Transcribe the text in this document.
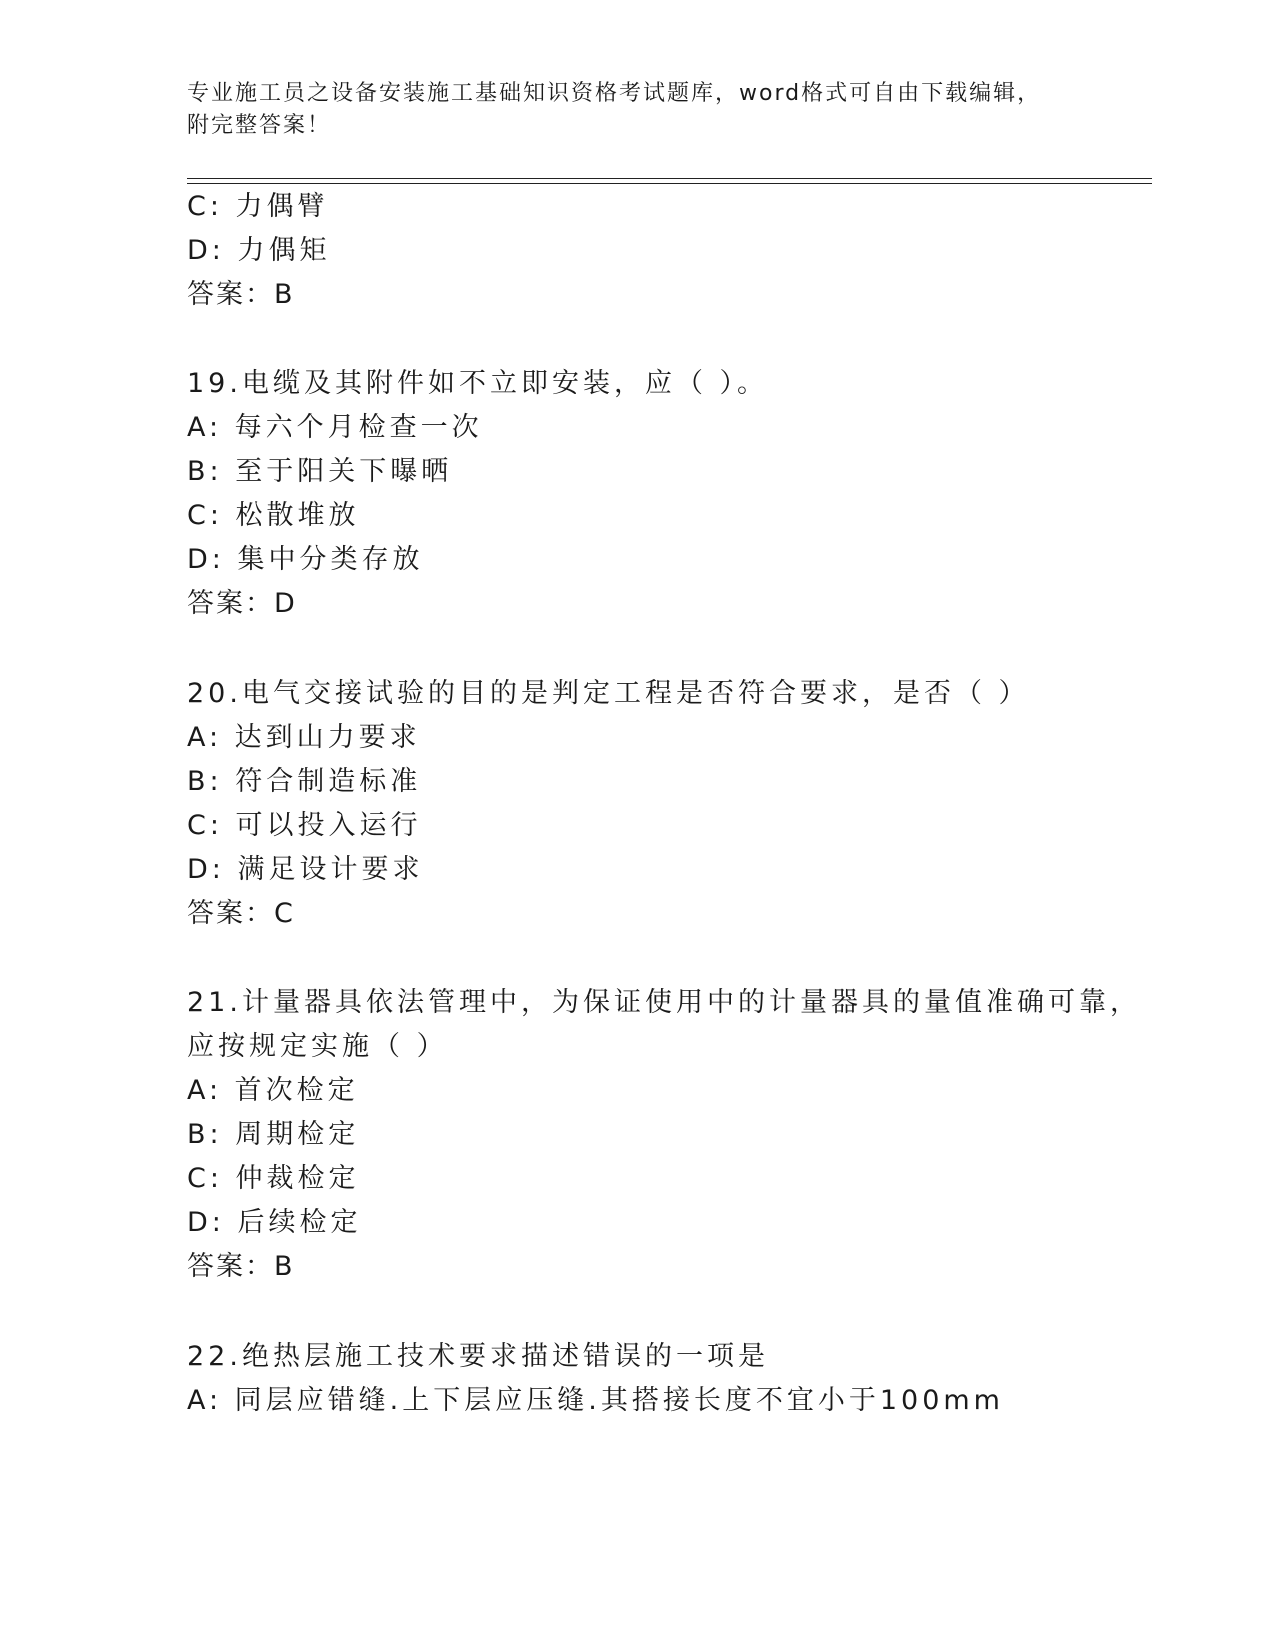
专业施工员之设备安装施工基础知识资格考试题库，word格式可自由下载编辑，
附完整答案！
C: 力偶臂
D: 力偶矩
答案：B
19.电缆及其附件如不立即安装，应（ ）。
A: 每六个月检查一次
B: 至于阳关下曝晒
C: 松散堆放
D: 集中分类存放
答案：D
20.电气交接试验的目的是判定工程是否符合要求，是否（ ）
A: 达到山力要求
B: 符合制造标准
C: 可以投入运行
D: 满足设计要求
答案：C
21.计量器具依法管理中，为保证使用中的计量器具的量值准确可靠，
应按规定实施（ ）
A: 首次检定
B: 周期检定
C: 仲裁检定
D: 后续检定
答案：B
22.绝热层施工技术要求描述错误的一项是
A: 同层应错缝.上下层应压缝.其搭接长度不宜小于100mm
